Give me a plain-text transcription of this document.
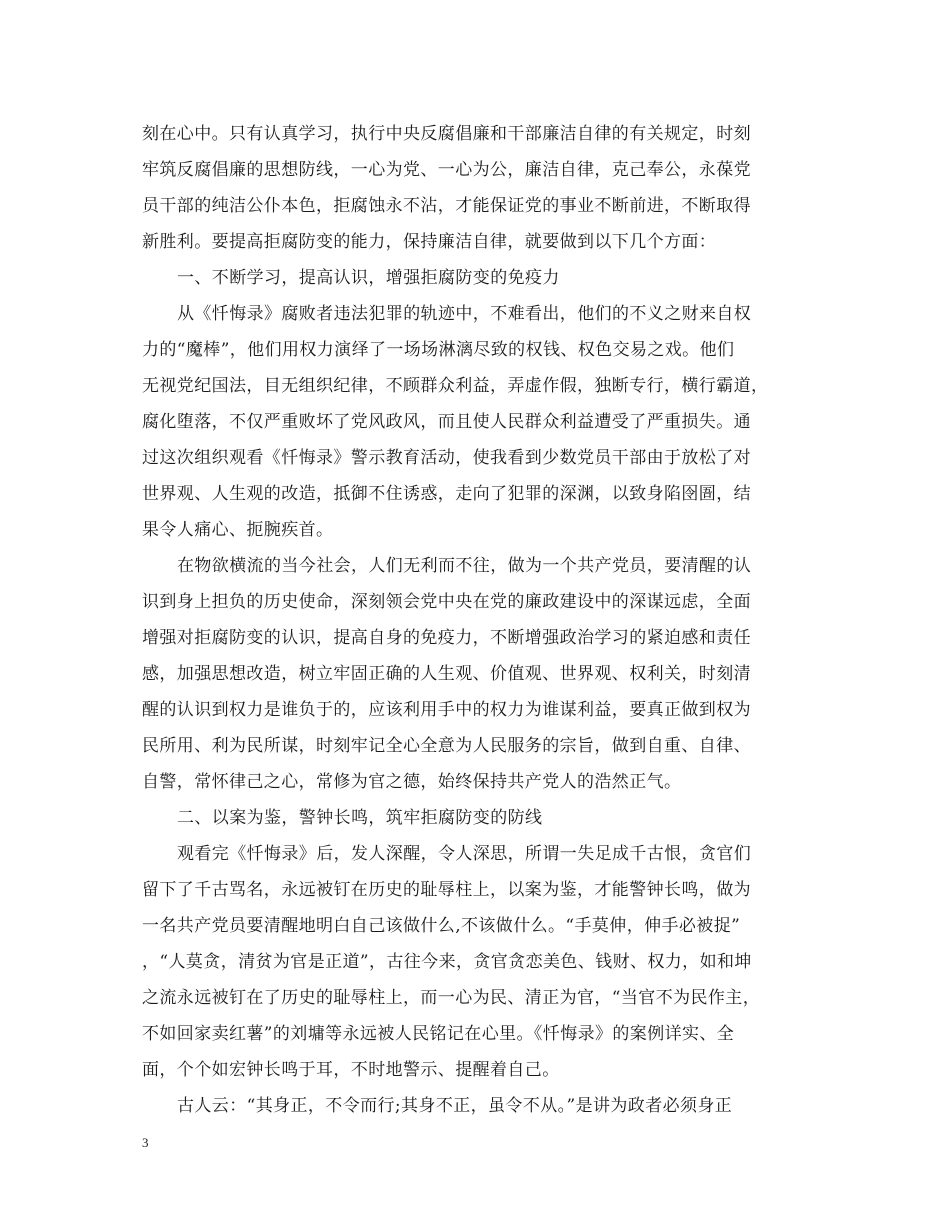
刻在心中。只有认真学习，执行中央反腐倡廉和干部廉洁自律的有关规定，时刻
牢筑反腐倡廉的思想防线，一心为党、一心为公，廉洁自律，克己奉公，永葆党
员干部的纯洁公仆本色，拒腐蚀永不沾，才能保证党的事业不断前进，不断取得
新胜利。要提高拒腐防变的能力，保持廉洁自律，就要做到以下几个方面：
一、不断学习，提高认识，增强拒腐防变的免疫力
从《忏悔录》腐败者违法犯罪的轨迹中，不难看出，他们的不义之财来自权
力的“魔棒”，他们用权力演绎了一场场淋漓尽致的权钱、权色交易之戏。他们
无视党纪国法，目无组织纪律，不顾群众利益，弄虚作假，独断专行，横行霸道，
腐化堕落，不仅严重败坏了党风政风，而且使人民群众利益遭受了严重损失。通
过这次组织观看《忏悔录》警示教育活动，使我看到少数党员干部由于放松了对
世界观、人生观的改造，抵御不住诱惑，走向了犯罪的深渊，以致身陷囹圄，结
果令人痛心、扼腕疾首。
在物欲横流的当今社会，人们无利而不往，做为一个共产党员，要清醒的认
识到身上担负的历史使命，深刻领会党中央在党的廉政建设中的深谋远虑，全面
增强对拒腐防变的认识，提高自身的免疫力，不断增强政治学习的紧迫感和责任
感，加强思想改造，树立牢固正确的人生观、价值观、世界观、权利关，时刻清
醒的认识到权力是谁负于的，应该利用手中的权力为谁谋利益，要真正做到权为
民所用、利为民所谋，时刻牢记全心全意为人民服务的宗旨，做到自重、自律、
自警，常怀律己之心，常修为官之德，始终保持共产党人的浩然正气。
二、以案为鉴，警钟长鸣，筑牢拒腐防变的防线
观看完《忏悔录》后，发人深醒，令人深思，所谓一失足成千古恨，贪官们
留下了千古骂名，永远被钉在历史的耻辱柱上，以案为鉴，才能警钟长鸣，做为
一名共产党员要清醒地明白自己该做什么,不该做什么。“手莫伸，伸手必被捉”
，“人莫贪，清贫为官是正道”，古往今来，贪官贪恋美色、钱财、权力，如和坤
之流永远被钉在了历史的耻辱柱上，而一心为民、清正为官，“当官不为民作主，
不如回家卖红薯”的刘墉等永远被人民铭记在心里。《忏悔录》的案例详实、全
面，个个如宏钟长鸣于耳，不时地警示、提醒着自己。
古人云：“其身正，不令而行;其身不正，虽令不从。”是讲为政者必须身正
3
